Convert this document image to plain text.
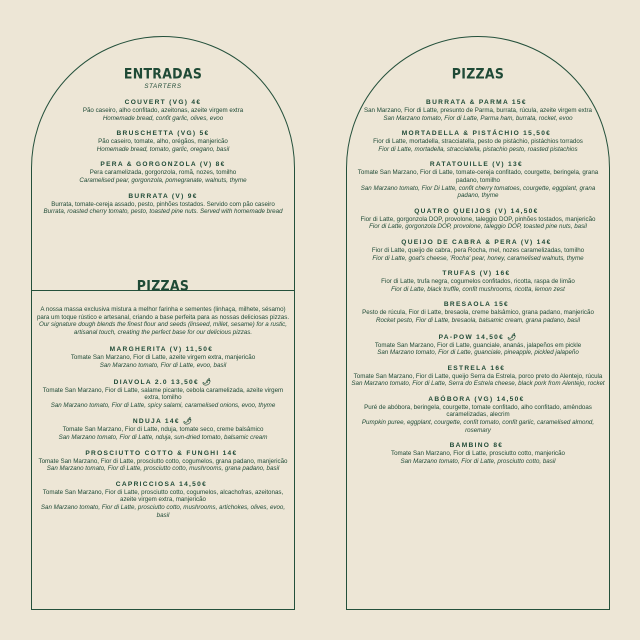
ENTRADAS
STARTERS
COUVERT (VG) 4€
Pão caseiro, alho confitado, azeitonas, azeite virgem extra
Homemade bread, confit garlic, olives, evoo
BRUSCHETTA (VG) 5€
Pão caseiro, tomate, alho, orégãos, manjericão
Homemade bread, tomato, garlic, oregano, basil
PERA & GORGONZOLA (V) 8€
Pera caramelizada, gorgonzola, romã, nozes, tomilho
Caramelised pear, gorgonzola, pomegranate, walnuts, thyme
BURRATA (V) 9€
Burrata, tomate-cereja assado, pesto, pinhões tostados. Servido com pão caseiro
Burrata, roasted cherry tomato, pesto, toasted pine nuts. Served with homemade bread
PIZZAS
A nossa massa exclusiva mistura a melhor farinha e sementes (linhaça, milhete, sésamo) para um toque rústico e artesanal, criando a base perfeita para as nossas deliciosas pizzas.
Our signature dough blends the finest flour and seeds (linseed, millet, sesame) for a rustic, artisanal touch, creating the perfect base for our delicious pizzas.
MARGHERITA (V) 11,50€
Tomate San Marzano, Fior di Latte, azeite virgem extra, manjericão
San Marzano tomato, Fior di Latte, evoo, basil
DIAVOLA 2.0 13,50€ 🌶
Tomate San Marzano, Fior di Latte, salame picante, cebola caramelizada, azeite virgem extra, tomilho
San Marzano tomato, Fior di Latte, spicy salami, caramelised onions, evoo, thyme
NDUJA 14€ 🌶
Tomate San Marzano, Fior di Latte, nduja, tomate seco, creme balsâmico
San Marzano tomato, Fior di Latte, nduja, sun-dried tomato, balsamic cream
PROSCIUTTO COTTO & FUNGHI 14€
Tomate San Marzano, Fior di Latte, prosciutto cotto, cogumelos, grana padano, manjericão
San Marzano tomato, Fior di Latte, prosciutto cotto, mushrooms, grana padano, basil
CAPRICCIOSA 14,50€
Tomate San Marzano, Fior di Latte, prosciutto cotto, cogumelos, alcachofras, azeitonas, azeite virgem extra, manjericão
San Marzano tomato, Fior di Latte, prosciutto cotto, mushrooms, artichokes, olives, evoo, basil
PIZZAS
BURRATA & PARMA 15€
San Marzano, Fior di Latte, presunto de Parma, burrata, rúcula, azeite virgem extra
San Marzano tomato, Fior di Latte, Parma ham, burrata, rocket, evoo
MORTADELLA & PISTÁCHIO 15,50€
Fior di Latte, mortadella, stracciatella, pesto de pistáchio, pistáchios torrados
Fior di Latte, mortadella, stracciatella, pistachio pesto, roasted pistachios
RATATOUILLE (V) 13€
Tomate San Marzano, Fior di Latte, tomate-cereja confitado, courgette, beringela, grana padano, tomilho
San Marzano tomato, Fior Di Latte, confit cherry tomatoes, courgette, eggplant, grana padano, thyme
QUATRO QUEIJOS (V) 14,50€
Fior di Latte, gorgonzola DOP, provolone, taleggio DOP, pinhões tostados, manjericão
Fior di Latte, gorgonzola DOP, provolone, taleggio DOP, toasted pine nuts, basil
QUEIJO DE CABRA & PERA (V) 14€
Fior di Latte, queijo de cabra, pera Rocha, mel, nozes caramelizadas, tomilho
Fior di Latte, goat's cheese, 'Rocha' pear, honey, caramelised walnuts, thyme
TRUFAS (V) 16€
Fior di Latte, trufa negra, cogumelos confitados, ricotta, raspa de limão
Fior di Latte, black truffle, confit mushrooms, ricotta, lemon zest
BRESAOLA 15€
Pesto de rúcula, Fior di Latte, bresaola, creme balsâmico, grana padano, manjericão
Rocket pesto, Fior di Latte, bresaola, balsamic cream, grana padano, basil
PA-POW 14,50€ 🌶
Tomate San Marzano, Fior di Latte, guanciale, ananás, jalapeños em pickle
San Marzano tomato, Fior di Latte, guanciale, pineapple, pickled jalapeño
ESTRELA 16€
Tomate San Marzano, Fior di Latte, queijo Serra da Estrela, porco preto do Alentejo, rúcula
San Marzano tomato, Fior di Latte, Serra do Estrela cheese, black pork from Alentejo, rocket
ABÓBORA (VG) 14,50€
Puré de abóbora, beringela, courgette, tomate confitado, alho confitado, amêndoas caramelizadas, alecrim
Pumpkin puree, eggplant, courgette, confit tomato, confit garlic, caramelised almond, rosemary
BAMBINO 8€
Tomate San Marzano, Fior di Latte, prosciutto cotto, manjericão
San Marzano tomato, Fior di Latte, prosciutto cotto, basil
